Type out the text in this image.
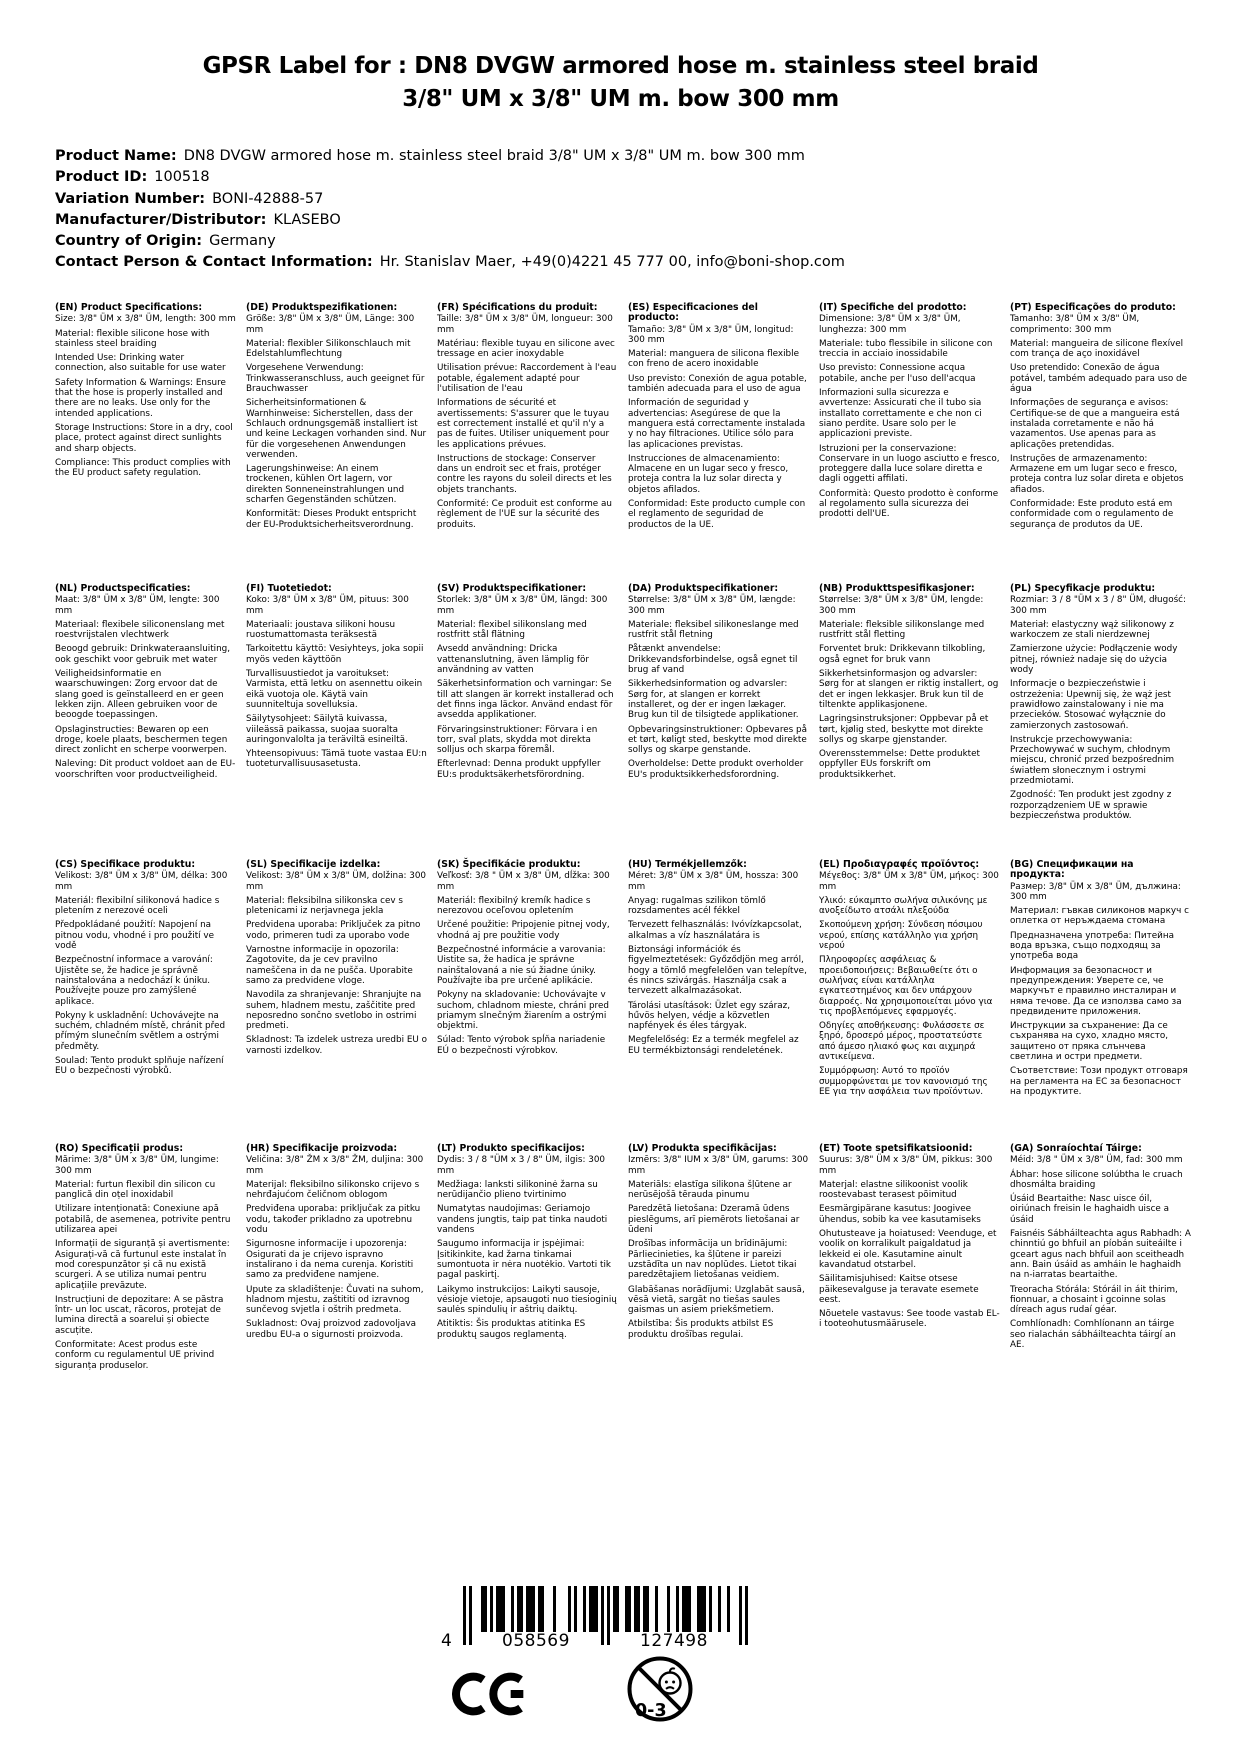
GPSR Label for : DN8 DVGW armored hose m. stainless steel braid
3/8" UM x 3/8" UM m. bow 300 mm
Product Name: DN8 DVGW armored hose m. stainless steel braid 3/8" UM x 3/8" UM m. bow 300 mm
Product ID: 100518
Variation Number: BONI-42888-57
Manufacturer/Distributor: KLASEBO
Country of Origin: Germany
Contact Person & Contact Information: Hr. Stanislav Maer, +49(0)4221 45 777 00, info@boni-shop.com
(EN) Product Specifications:

Size: 3/8" ÜM x 3/8" ÜM, length: 300 mm

Material: flexible silicone hose with stainless steel braiding

Intended Use: Drinking water connection, also suitable for use water

Safety Information & Warnings: Ensure that the hose is properly installed and there are no leaks. Use only for the intended applications.

Storage Instructions: Store in a dry, cool place, protect against direct sunlights and sharp objects.

Compliance: This product complies with the EU product safety regulation.

(DE) Produktspezifikationen:

Größe: 3/8" ÜM x 3/8" ÜM, Länge: 300 mm

Material: flexibler Silikonschlauch mit Edelstahlumflechtung

Vorgesehene Verwendung: Trinkwasseranschluss, auch geeignet für Brauchwasser

Sicherheitsinformationen & Warnhinweise: Sicherstellen, dass der Schlauch ordnungsgemäß installiert ist und keine Leckagen vorhanden sind. Nur für die vorgesehenen Anwendungen verwenden.

Lagerungshinweise: An einem trockenen, kühlen Ort lagern, vor direkten Sonneneinstrahlungen und scharfen Gegenständen schützen.

Konformität: Dieses Produkt entspricht der EU-Produktsicherheitsverordnung.

(FR) Spécifications du produit:

Taille: 3/8" ÜM x 3/8" ÜM, longueur: 300 mm

Matériau: flexible tuyau en silicone avec tressage en acier inoxydable

Utilisation prévue: Raccordement à l'eau potable, également adapté pour l'utilisation de l'eau

Informations de sécurité et avertissements: S'assurer que le tuyau est correctement installé et qu'il n'y a pas de fuites. Utiliser uniquement pour les applications prévues.

Instructions de stockage: Conserver dans un endroit sec et frais, protéger contre les rayons du soleil directs et les objets tranchants.

Conformité: Ce produit est conforme au règlement de l'UE sur la sécurité des produits.

(ES) Especificaciones del producto:

Tamaño: 3/8" ÜM x 3/8" ÜM, longitud: 300 mm

Material: manguera de silicona flexible con freno de acero inoxidable

Uso previsto: Conexión de agua potable, también adecuada para el uso de agua

Información de seguridad y advertencias: Asegúrese de que la manguera está correctamente instalada y no hay filtraciones. Utilice sólo para las aplicaciones previstas.

Instrucciones de almacenamiento: Almacene en un lugar seco y fresco, proteja contra la luz solar directa y objetos afilados.

Conformidad: Este producto cumple con el reglamento de seguridad de productos de la UE.

(IT) Specifiche del prodotto:

Dimensione: 3/8" ÜM x 3/8" ÜM, lunghezza: 300 mm

Materiale: tubo flessibile in silicone con treccia in acciaio inossidabile

Uso previsto: Connessione acqua potabile, anche per l'uso dell'acqua

Informazioni sulla sicurezza e avvertenze: Assicurati che il tubo sia installato correttamente e che non ci siano perdite. Usare solo per le applicazioni previste.

Istruzioni per la conservazione: Conservare in un luogo asciutto e fresco, proteggere dalla luce solare diretta e dagli oggetti affilati.

Conformità: Questo prodotto è conforme al regolamento sulla sicurezza dei prodotti dell'UE.

(PT) Especificações do produto:

Tamanho: 3/8" ÜM x 3/8" ÜM, comprimento: 300 mm

Material: mangueira de silicone flexível com trança de aço inoxidável

Uso pretendido: Conexão de água potável, também adequado para uso de água

Informações de segurança e avisos: Certifique-se de que a mangueira está instalada corretamente e não há vazamentos. Use apenas para as aplicações pretendidas.

Instruções de armazenamento: Armazene em um lugar seco e fresco, proteja contra luz solar direta e objetos afiados.

Conformidade: Este produto está em conformidade com o regulamento de segurança de produtos da UE.

(NL) Productspecificaties:

Maat: 3/8" ÜM x 3/8" ÜM, lengte: 300 mm

Materiaal: flexibele siliconenslang met roestvrijstalen vlechtwerk

Beoogd gebruik: Drinkwateraansluiting, ook geschikt voor gebruik met water

Veiligheidsinformatie en waarschuwingen: Zorg ervoor dat de slang goed is geïnstalleerd en er geen lekken zijn. Alleen gebruiken voor de beoogde toepassingen.

Opslaginstructies: Bewaren op een droge, koele plaats, beschermen tegen direct zonlicht en scherpe voorwerpen.

Naleving: Dit product voldoet aan de EU-voorschriften voor productveiligheid.

(FI) Tuotetiedot:

Koko: 3/8" ÜM x 3/8" ÜM, pituus: 300 mm

Materiaali: joustava silikoni housu ruostumattomasta teräksestä

Tarkoitettu käyttö: Vesiyhteys, joka sopii myös veden käyttöön

Turvallisuustiedot ja varoitukset: Varmista, että letku on asennettu oikein eikä vuotoja ole. Käytä vain suunniteltuja sovelluksia.

Säilytysohjeet: Säilytä kuivassa, viileässä paikassa, suojaa suoralta auringonvalolta ja teräviltä esineiltä.

Yhteensopivuus: Tämä tuote vastaa EU:n tuoteturvallisuusasetusta.

(SV) Produktspecifikationer:

Storlek: 3/8" ÜM x 3/8" ÜM, längd: 300 mm

Material: flexibel silikonslang med rostfritt stål flätning

Avsedd användning: Dricka vattenanslutning, även lämplig för användning av vatten

Säkerhetsinformation och varningar: Se till att slangen är korrekt installerad och det finns inga läckor. Använd endast för avsedda applikationer.

Förvaringsinstruktioner: Förvara i en torr, sval plats, skydda mot direkta solljus och skarpa föremål.

Efterlevnad: Denna produkt uppfyller EU:s produktsäkerhetsförordning.

(DA) Produktspecifikationer:

Størrelse: 3/8" ÜM x 3/8" ÜM, længde: 300 mm

Materiale: fleksibel silikoneslange med rustfrit stål fletning

Påtænkt anvendelse: Drikkevandsforbindelse, også egnet til brug af vand

Sikkerhedsinformation og advarsler: Sørg for, at slangen er korrekt installeret, og der er ingen lækager. Brug kun til de tilsigtede applikationer.

Opbevaringsinstruktioner: Opbevares på et tørt, køligt sted, beskytte mod direkte sollys og skarpe genstande.

Overholdelse: Dette produkt overholder EU's produktsikkerhedsforordning.

(NB) Produkttspesifikasjoner:

Størrelse: 3/8" ÜM x 3/8" ÜM, lengde: 300 mm

Materiale: fleksible silikonslange med rustfritt stål fletting

Forventet bruk: Drikkevann tilkobling, også egnet for bruk vann

Sikkerhetsinformasjon og advarsler: Sørg for at slangen er riktig installert, og det er ingen lekkasjer. Bruk kun til de tiltenkte applikasjonene.

Lagringsinstruksjoner: Oppbevar på et tørt, kjølig sted, beskytte mot direkte sollys og skarpe gjenstander.

Overensstemmelse: Dette produktet oppfyller EUs forskrift om produktsikkerhet.

(PL) Specyfikacje produktu:

Rozmiar: 3 / 8 "ÜM x 3 / 8" ÜM, długość: 300 mm

Materiał: elastyczny wąż silikonowy z warkoczem ze stali nierdzewnej

Zamierzone użycie: Podłączenie wody pitnej, również nadaje się do użycia wody

Informacje o bezpieczeństwie i ostrzeżenia: Upewnij się, że wąż jest prawidłowo zainstalowany i nie ma przecieków. Stosować wyłącznie do zamierzonych zastosowań.

Instrukcje przechowywania: Przechowywać w suchym, chłodnym miejscu, chronić przed bezpośrednim światłem słonecznym i ostrymi przedmiotami.

Zgodność: Ten produkt jest zgodny z rozporządzeniem UE w sprawie bezpieczeństwa produktów.

(CS) Specifikace produktu:

Velikost: 3/8" ÜM x 3/8" ÜM, délka: 300 mm

Materiál: flexibilní silikonová hadice s pletením z nerezové oceli

Předpokládané použití: Napojení na pitnou vodu, vhodné i pro použití ve vodě

Bezpečnostní informace a varování: Ujistěte se, že hadice je správně nainstalována a nedochází k úniku. Používejte pouze pro zamýšlené aplikace.

Pokyny k uskladnění: Uchovávejte na suchém, chladném místě, chránit před přímým slunečním světlem a ostrými předměty.

Soulad: Tento produkt splňuje nařízení EU o bezpečnosti výrobků.

(SL) Specifikacije izdelka:

Velikost: 3/8" ÜM x 3/8" ÜM, dolžina: 300 mm

Material: fleksibilna silikonska cev s pletenicami iz nerjavnega jekla

Predvidena uporaba: Priključek za pitno vodo, primeren tudi za uporabo vode

Varnostne informacije in opozorila: Zagotovite, da je cev pravilno nameščena in da ne pušča. Uporabite samo za predvidene vloge.

Navodila za shranjevanje: Shranjujte na suhem, hladnem mestu, zaščitite pred neposredno sončno svetlobo in ostrimi predmeti.

Skladnost: Ta izdelek ustreza uredbi EU o varnosti izdelkov.

(SK) Špecifikácie produktu:

Veľkosť: 3/8 " ÜM x 3/8" ÜM, dĺžka: 300 mm

Materiál: flexibilný kremík hadice s nerezovou oceľovou opletením

Určené použitie: Pripojenie pitnej vody, vhodná aj pre použitie vody

Bezpečnostné informácie a varovania: Uistite sa, že hadica je správne nainštalovaná a nie sú žiadne úniky. Používajte iba pre určené aplikácie.

Pokyny na skladovanie: Uchovávajte v suchom, chladnom mieste, chráni pred priamym slnečným žiarením a ostrými objektmi.

Súlad: Tento výrobok spĺňa nariadenie EÚ o bezpečnosti výrobkov.

(HU) Termékjellemzők:

Méret: 3/8" ÜM x 3/8" ÜM, hossza: 300 mm

Anyag: rugalmas szilikon tömlő rozsdamentes acél fékkel

Tervezett felhasználás: Ivóvízkapcsolat, alkalmas a víz használatára is

Biztonsági információk és figyelmeztetések: Győződjön meg arról, hogy a tömlő megfelelően van telepítve, és nincs szivárgás. Használja csak a tervezett alkalmazásokat.

Tárolási utasítások: Üzlet egy száraz, hűvös helyen, védje a közvetlen napfények és éles tárgyak.

Megfelelőség: Ez a termék megfelel az EU termékbiztonsági rendeletének.

(EL) Προδιαγραφές προϊόντος:

Μέγεθος: 3/8" ÜM x 3/8" ÜM, μήκος: 300 mm

Υλικό: εύκαμπτο σωλήνα σιλικόνης με ανοξείδωτο ατσάλι πλεξούδα

Σκοπούμενη χρήση: Σύνδεση πόσιμου νερού, επίσης κατάλληλο για χρήση νερού

Πληροφορίες ασφάλειας & προειδοποιήσεις: Βεβαιωθείτε ότι ο σωλήνας είναι κατάλληλα εγκατεστημένος και δεν υπάρχουν διαρροές. Να χρησιμοποιείται μόνο για τις προβλεπόμενες εφαρμογές.

Οδηγίες αποθήκευσης: Φυλάσσετε σε ξηρό, δροσερό μέρος, προστατεύστε από άμεσο ηλιακό φως και αιχμηρά αντικείμενα.

Συμμόρφωση: Αυτό το προϊόν συμμορφώνεται με τον κανονισμό της ΕΕ για την ασφάλεια των προϊόντων.

(BG) Спецификации на продукта:

Размер: 3/8" ÜM x 3/8" ÜM, дължина: 300 mm

Материал: гъвкав силиконов маркуч с оплетка от неръждаема стомана

Предназначена употреба: Питейна вода връзка, също подходящ за употреба вода

Информация за безопасност и предупреждения: Уверете се, че маркучът е правилно инсталиран и няма течове. Да се използва само за предвидените приложения.

Инструкции за съхранение: Да се съхранява на сухо, хладно място, защитено от пряка слънчева светлина и остри предмети.

Съответствие: Този продукт отговаря на регламента на ЕС за безопасност на продуктите.

(RO) Specificații produs:

Mărime: 3/8" ÜM x 3/8" ÜM, lungime: 300 mm

Material: furtun flexibil din silicon cu panglică din oțel inoxidabil

Utilizare intenționată: Conexiune apă potabilă, de asemenea, potrivite pentru utilizarea apei

Informații de siguranță și avertismente: Asigurați-vă că furtunul este instalat în mod corespunzător și că nu există scurgeri. A se utiliza numai pentru aplicațiile prevăzute.

Instrucțiuni de depozitare: A se păstra într- un loc uscat, răcoros, protejat de lumina directă a soarelui și obiecte ascuțite.

Conformitate: Acest produs este conform cu regulamentul UE privind siguranța produselor.

(HR) Specifikacije proizvoda:

Veličina: 3/8" ŽM x 3/8" ŽM, duljina: 300 mm

Materijal: fleksibilno silikonsko crijevo s nehrđajućom čeličnom oblogom

Predviđena uporaba: priključak za pitku vodu, također prikladno za upotrebnu vodu

Sigurnosne informacije i upozorenja: Osigurati da je crijevo ispravno instalirano i da nema curenja. Koristiti samo za predviđene namjene.

Upute za skladištenje: Čuvati na suhom, hladnom mjestu, zaštititi od izravnog sunčevog svjetla i oštrih predmeta.

Sukladnost: Ovaj proizvod zadovoljava uredbu EU-a o sigurnosti proizvoda.

(LT) Produkto specifikacijos:

Dydis: 3 / 8 "ÜM x 3 / 8" ÜM, ilgis: 300 mm

Medžiaga: lanksti silikoninė žarna su nerūdijančio plieno tvirtinimo

Numatytas naudojimas: Geriamojo vandens jungtis, taip pat tinka naudoti vandens

Saugumo informacija ir įspėjimai: Įsitikinkite, kad žarna tinkamai sumontuota ir nėra nuotėkio. Vartoti tik pagal paskirtį.

Laikymo instrukcijos: Laikyti sausoje, vėsioje vietoje, apsaugoti nuo tiesioginių saulės spindulių ir aštrių daiktų.

Atitiktis: Šis produktas atitinka ES produktų saugos reglamentą.

(LV) Produkta specifikācijas:

Izmērs: 3/8" IUM x 3/8" ÜM, garums: 300 mm

Materiāls: elastīga silikona šļūtene ar nerūsējošā tērauda pinumu

Paredzētā lietošana: Dzeramā ūdens pieslēgums, arī piemērots lietošanai ar ūdeni

Drošības informācija un brīdinājumi: Pārliecinieties, ka šļūtene ir pareizi uzstādīta un nav noplūdes. Lietot tikai paredzētajiem lietošanas veidiem.

Glabāšanas norādījumi: Uzglabāt sausā, vēsā vietā, sargāt no tiešas saules gaismas un asiem priekšmetiem.

Atbilstība: Šis produkts atbilst ES produktu drošības regulai.

(ET) Toote spetsifikatsioonid:

Suurus: 3/8" ÜM x 3/8" ÜM, pikkus: 300 mm

Materjal: elastne silikoonist voolik roostevabast terasest põimitud

Eesmärgipärane kasutus: Joogivee ühendus, sobib ka vee kasutamiseks

Ohutusteave ja hoiatused: Veenduge, et voolik on korralikult paigaldatud ja lekkeid ei ole. Kasutamine ainult kavandatud otstarbel.

Säilitamisjuhised: Kaitse otsese päikesevalguse ja teravate esemete eest.

Nõuetele vastavus: See toode vastab EL-i tooteohutusmäärusele.

(GA) Sonraíochtaí Táirge:

Méid: 3/8 " ÜM x 3/8" ÜM, fad: 300 mm

Ábhar: hose silicone solúbtha le cruach dhosmálta braiding

Úsáid Beartaithe: Nasc uisce óil, oiriúnach freisin le haghaidh uisce a úsáid

Faisnéis Sábháilteachta agus Rabhadh: A chinntiú go bhfuil an píobán suiteáilte i gceart agus nach bhfuil aon sceitheadh ann. Bain úsáid as amháin le haghaidh na n-iarratas beartaithe.

Treoracha Stórála: Stóráil in áit thirim, fionnuar, a chosaint i gcoinne solas díreach agus rudaí géar.

Comhlíonadh: Comhlíonann an táirge seo rialachán sábháilteachta táirgí an AE.

4	058569	127498
0-3
